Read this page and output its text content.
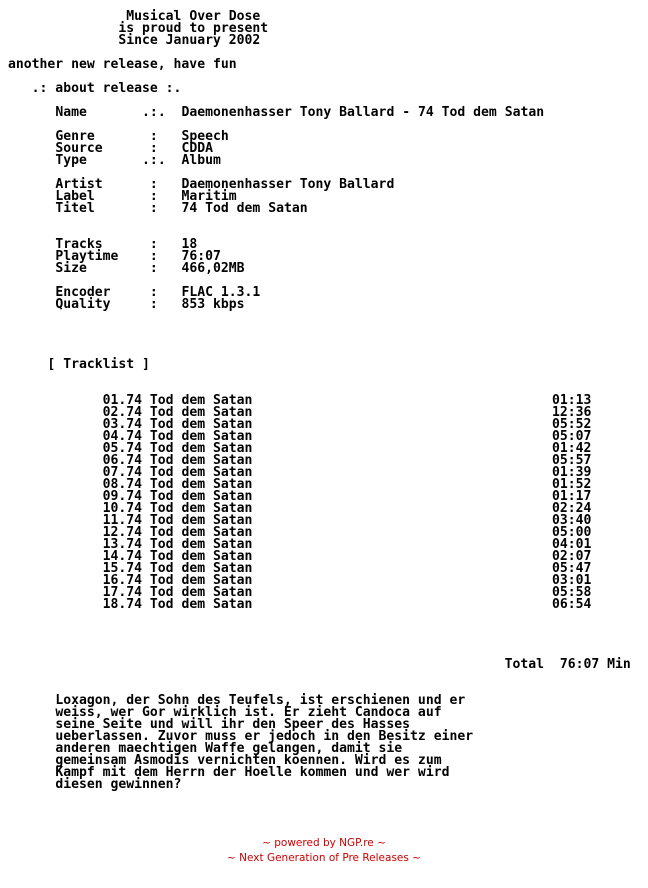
Musical Over Dose
is proud to present
Since January 2002
another new release, have fun
.: about release :.
Name	.:. Daemonenhasser Tony Ballard - 74 Tod dem Satan
Genre	:   Speech
Source	:   CDDA
Type	.:. Album
Artist	:   Daemonenhasser Tony Ballard
Label	:   Maritim
Titel	:   74 Tod dem Satan
Tracks	:   18
Playtime    :   76:07
Size	:   466,02MB
Encoder     :   FLAC 1.3.1
Quality     :   853 kbps
[ Tracklist ]
01.74 Tod dem Satan	01:13
02.74 Tod dem Satan	12:36
03.74 Tod dem Satan	05:52
04.74 Tod dem Satan	05:07
05.74 Tod dem Satan	01:42
06.74 Tod dem Satan	05:57
07.74 Tod dem Satan	01:39
08.74 Tod dem Satan	01:52
09.74 Tod dem Satan	01:17
10.74 Tod dem Satan	02:24
11.74 Tod dem Satan	03:40
12.74 Tod dem Satan	05:00
13.74 Tod dem Satan	04:01
14.74 Tod dem Satan	02:07
15.74 Tod dem Satan	05:47
16.74 Tod dem Satan	03:01
17.74 Tod dem Satan	05:58
18.74 Tod dem Satan	06:54
Total 76:07 Min
Loxagon, der Sohn des Teufels, ist erschienen und er
weiss, wer Gor wirklich ist. Er zieht Candoca auf
seine Seite und will ihr den Speer des Hasses
ueberlassen. Zuvor muss er jedoch in den Besitz einer
anderen maechtigen Waffe gelangen, damit sie
gemeinsam Asmodis vernichten koennen. Wird es zum
Kampf mit dem Herrn der Hoelle kommen und wer wird
diesen gewinnen?
~ powered by NGP.re ~
~ Next Generation of Pre Releases ~
